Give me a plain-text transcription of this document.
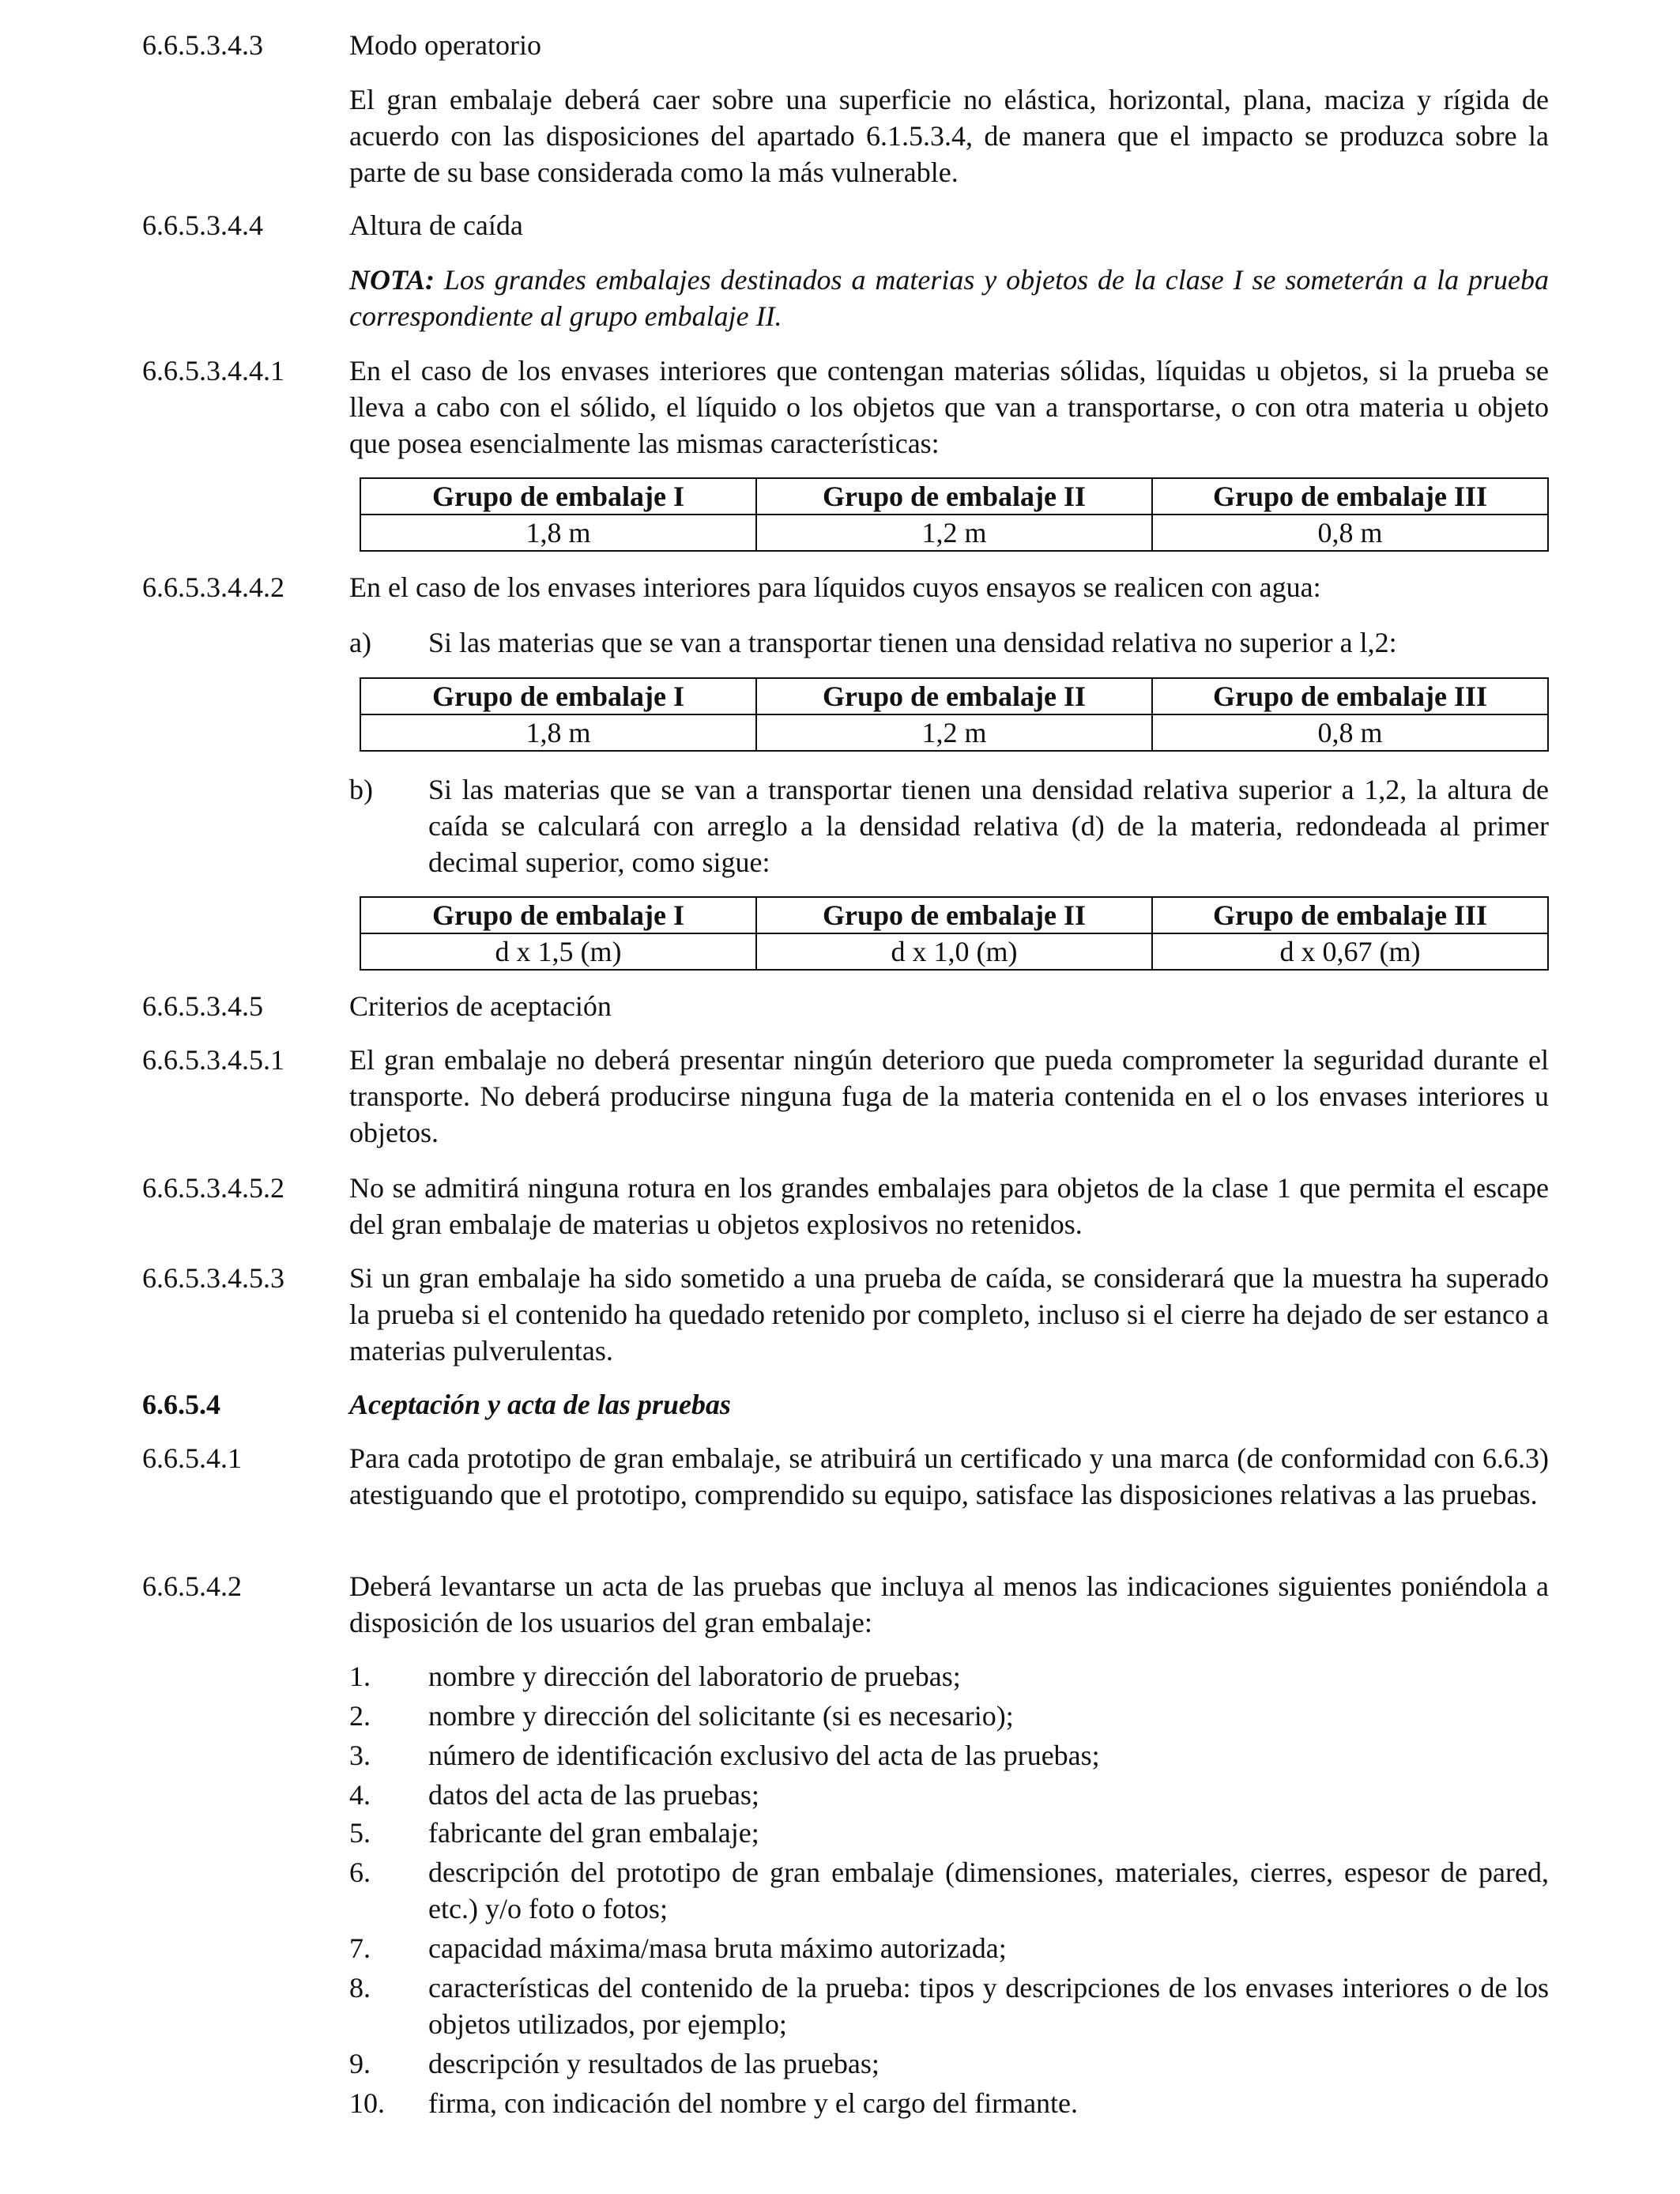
6.6.5.3.4.3	Modo operatorio
El gran embalaje deberá caer sobre una superficie no elástica, horizontal, plana, maciza y rígida de acuerdo con las disposiciones del apartado 6.1.5.3.4, de manera que el impacto se produzca sobre la parte de su base considerada como la más vulnerable.
6.6.5.3.4.4	Altura de caída
NOTA: Los grandes embalajes destinados a materias y objetos de la clase I se someterán a la prueba correspondiente al grupo embalaje II.
6.6.5.3.4.4.1 En el caso de los envases interiores que contengan materias sólidas, líquidas u objetos, si la prueba se lleva a cabo con el sólido, el líquido o los objetos que van a transportarse, o con otra materia u objeto que posea esencialmente las mismas características:
Grupo de embalaje I	Grupo de embalaje II	Grupo de embalaje III
1,8 m	1,2 m	0,8 m
6.6.5.3.4.4.2 En el caso de los envases interiores para líquidos cuyos ensayos se realicen con agua:
a) Si las materias que se van a transportar tienen una densidad relativa no superior a l,2:
Grupo de embalaje I	Grupo de embalaje II	Grupo de embalaje III
1,8 m	1,2 m	0,8 m
b) Si las materias que se van a transportar tienen una densidad relativa superior a 1,2, la altura de caída se calculará con arreglo a la densidad relativa (d) de la materia, redondeada al primer decimal superior, como sigue:
Grupo de embalaje I	Grupo de embalaje II	Grupo de embalaje III
d x 1,5 (m)	d x 1,0 (m)	d x 0,67 (m)
6.6.5.3.4.5	Criterios de aceptación
6.6.5.3.4.5.1 El gran embalaje no deberá presentar ningún deterioro que pueda comprometer la seguridad durante el transporte. No deberá producirse ninguna fuga de la materia contenida en el o los envases interiores u objetos.
6.6.5.3.4.5.2 No se admitirá ninguna rotura en los grandes embalajes para objetos de la clase 1 que permita el escape del gran embalaje de materias u objetos explosivos no retenidos.
6.6.5.3.4.5.3 Si un gran embalaje ha sido sometido a una prueba de caída, se considerará que la muestra ha superado la prueba si el contenido ha quedado retenido por completo, incluso si el cierre ha dejado de ser estanco a materias pulverulentas.
6.6.5.4	Aceptación y acta de las pruebas
6.6.5.4.1	Para cada prototipo de gran embalaje, se atribuirá un certificado y una marca (de conformidad con 6.6.3) atestiguando que el prototipo, comprendido su equipo, satisface las disposiciones relativas a las pruebas.
6.6.5.4.2	Deberá levantarse un acta de las pruebas que incluya al menos las indicaciones siguientes poniéndola a disposición de los usuarios del gran embalaje:
1. nombre y dirección del laboratorio de pruebas;
2. nombre y dirección del solicitante (si es necesario);
3. número de identificación exclusivo del acta de las pruebas;
4. datos del acta de las pruebas;
5. fabricante del gran embalaje;
6. descripción del prototipo de gran embalaje (dimensiones, materiales, cierres, espesor de pared, etc.) y/o foto o fotos;
7. capacidad máxima/masa bruta máximo autorizada;
8. características del contenido de la prueba: tipos y descripciones de los envases interiores o de los objetos utilizados, por ejemplo;
9. descripción y resultados de las pruebas;
10. firma, con indicación del nombre y el cargo del firmante.
